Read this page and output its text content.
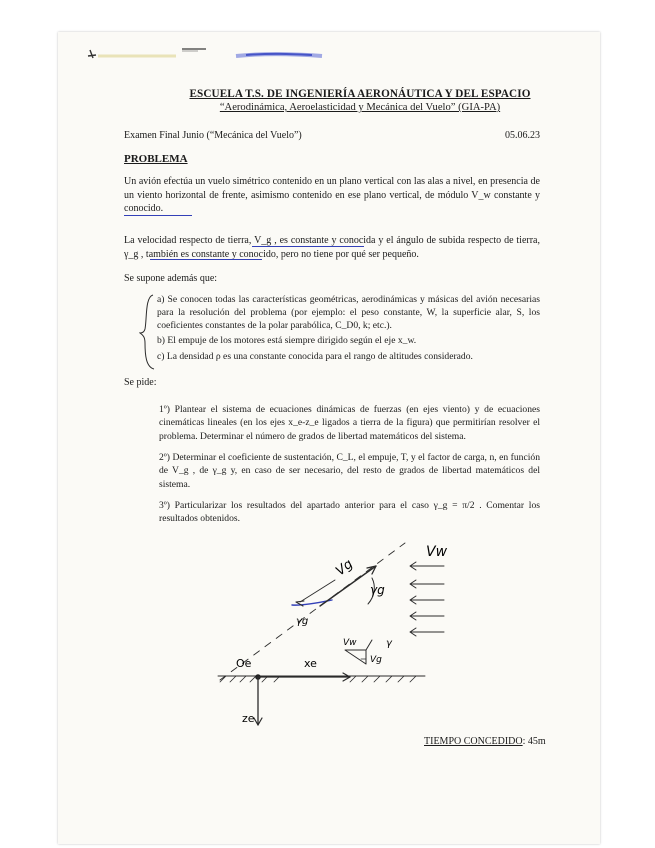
ESCUELA T.S. DE INGENIERÍA AERONÁUTICA Y DEL ESPACIO
“Aerodinámica, Aeroelasticidad y Mecánica del Vuelo” (GIA-PA)
Examen Final Junio (“Mecánica del Vuelo”)	05.06.23
PROBLEMA
Un avión efectúa un vuelo simétrico contenido en un plano vertical con las alas a nivel, en presencia de un viento horizontal de frente, asimismo contenido en ese plano vertical, de módulo V_w constante y conocido.
La velocidad respecto de tierra, V_g , es constante y conocida y el ángulo de subida respecto de tierra, γ_g , también es constante y conocido, pero no tiene por qué ser pequeño.
Se supone además que:
a) Se conocen todas las características geométricas, aerodinámicas y másicas del avión necesarias para la resolución del problema (por ejemplo: el peso constante, W, la superficie alar, S, los coeficientes constantes de la polar parabólica, C_D0, k; etc.).
b) El empuje de los motores está siempre dirigido según el eje x_w.
c) La densidad ρ es una constante conocida para el rango de altitudes considerado.
Se pide:
1º) Plantear el sistema de ecuaciones dinámicas de fuerzas (en ejes viento) y de ecuaciones cinemáticas lineales (en los ejes x_e-z_e ligados a tierra de la figura) que permitirían resolver el problema. Determinar el número de grados de libertad matemáticos del sistema.
2º) Determinar el coeficiente de sustentación, C_L, el empuje, T, y el factor de carga, n, en función de V_g , de γ_g y, en caso de ser necesario, del resto de grados de libertad matemáticos del sistema.
3º) Particularizar los resultados del apartado anterior para el caso γ_g = π/2 . Comentar los resultados obtenidos.
Oe	xe
ze
Vg
γg
γg
Vw
Vw
Vg
γ
TIEMPO CONCEDIDO: 45m
